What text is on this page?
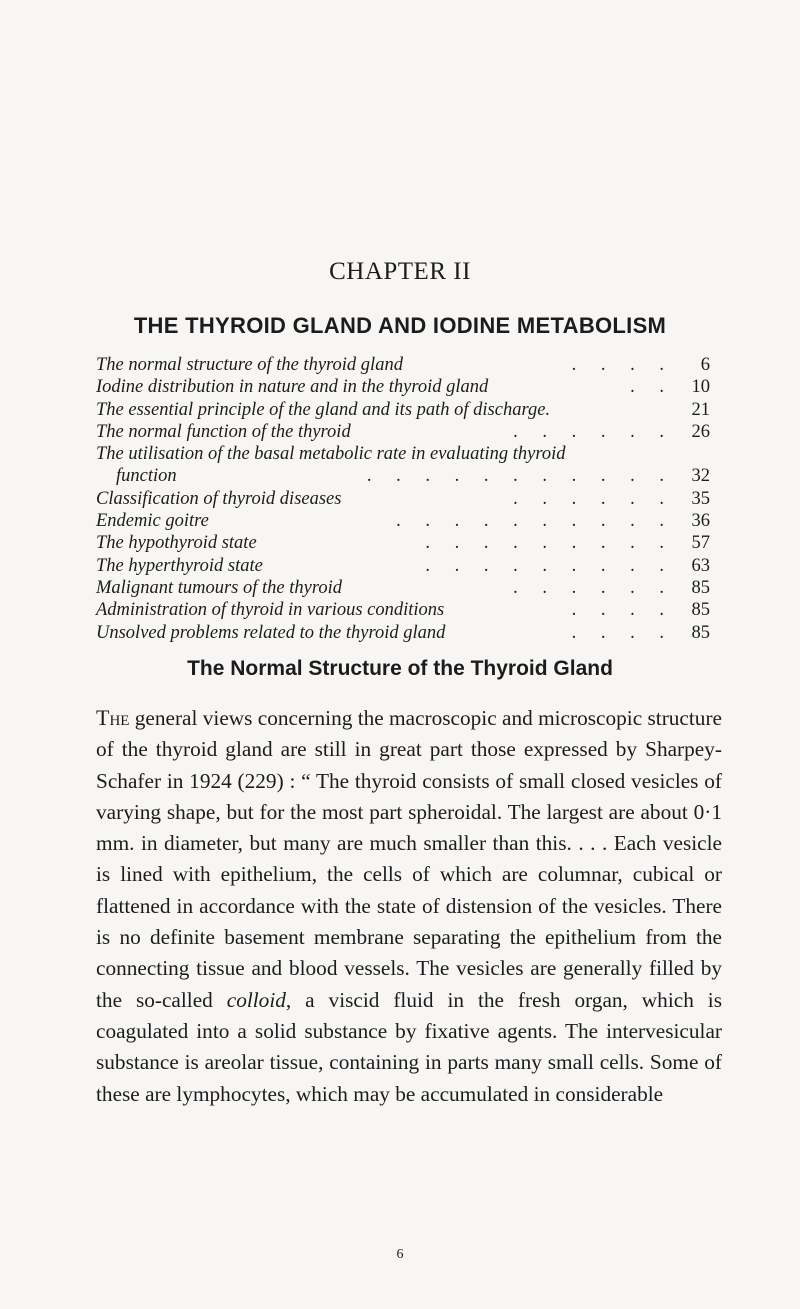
CHAPTER II
THE THYROID GLAND AND IODINE METABOLISM
The normal structure of the thyroid gland	. . . .	6
Iodine distribution in nature and in the thyroid gland	. . 10
The essential principle of the gland and its path of discharge.	21
The normal function of the thyroid	. . . . . . 26
The utilisation of the basal metabolic rate in evaluating thyroid
function	. . . . . . . . . . . 32
Classification of thyroid diseases	. . . . . . 35
Endemic goitre	. . . . . . . . . . 36
The hypothyroid state	. . . . . . . . . 57
The hyperthyroid state	. . . . . . . . . 63
Malignant tumours of the thyroid	. . . . . . 85
Administration of thyroid in various conditions	. . . . 85
Unsolved problems related to the thyroid gland	. . . . 85
The Normal Structure of the Thyroid Gland
The general views concerning the macroscopic and microscopic structure of the thyroid gland are still in great part those expressed by Sharpey-Schafer in 1924 (229) : “ The thyroid consists of small closed vesicles of varying shape, but for the most part spheroidal. The largest are about 0·1 mm. in diameter, but many are much smaller than this. . . . Each vesicle is lined with epithelium, the cells of which are columnar, cubical or flattened in accordance with the state of distension of the vesicles. There is no definite basement membrane separating the epithelium from the connecting tissue and blood vessels. The vesicles are generally filled by the so-called colloid, a viscid fluid in the fresh organ, which is coagulated into a solid substance by fixative agents. The intervesicular substance is areolar tissue, containing in parts many small cells. Some of these are lymphocytes, which may be accumulated in considerable
6
